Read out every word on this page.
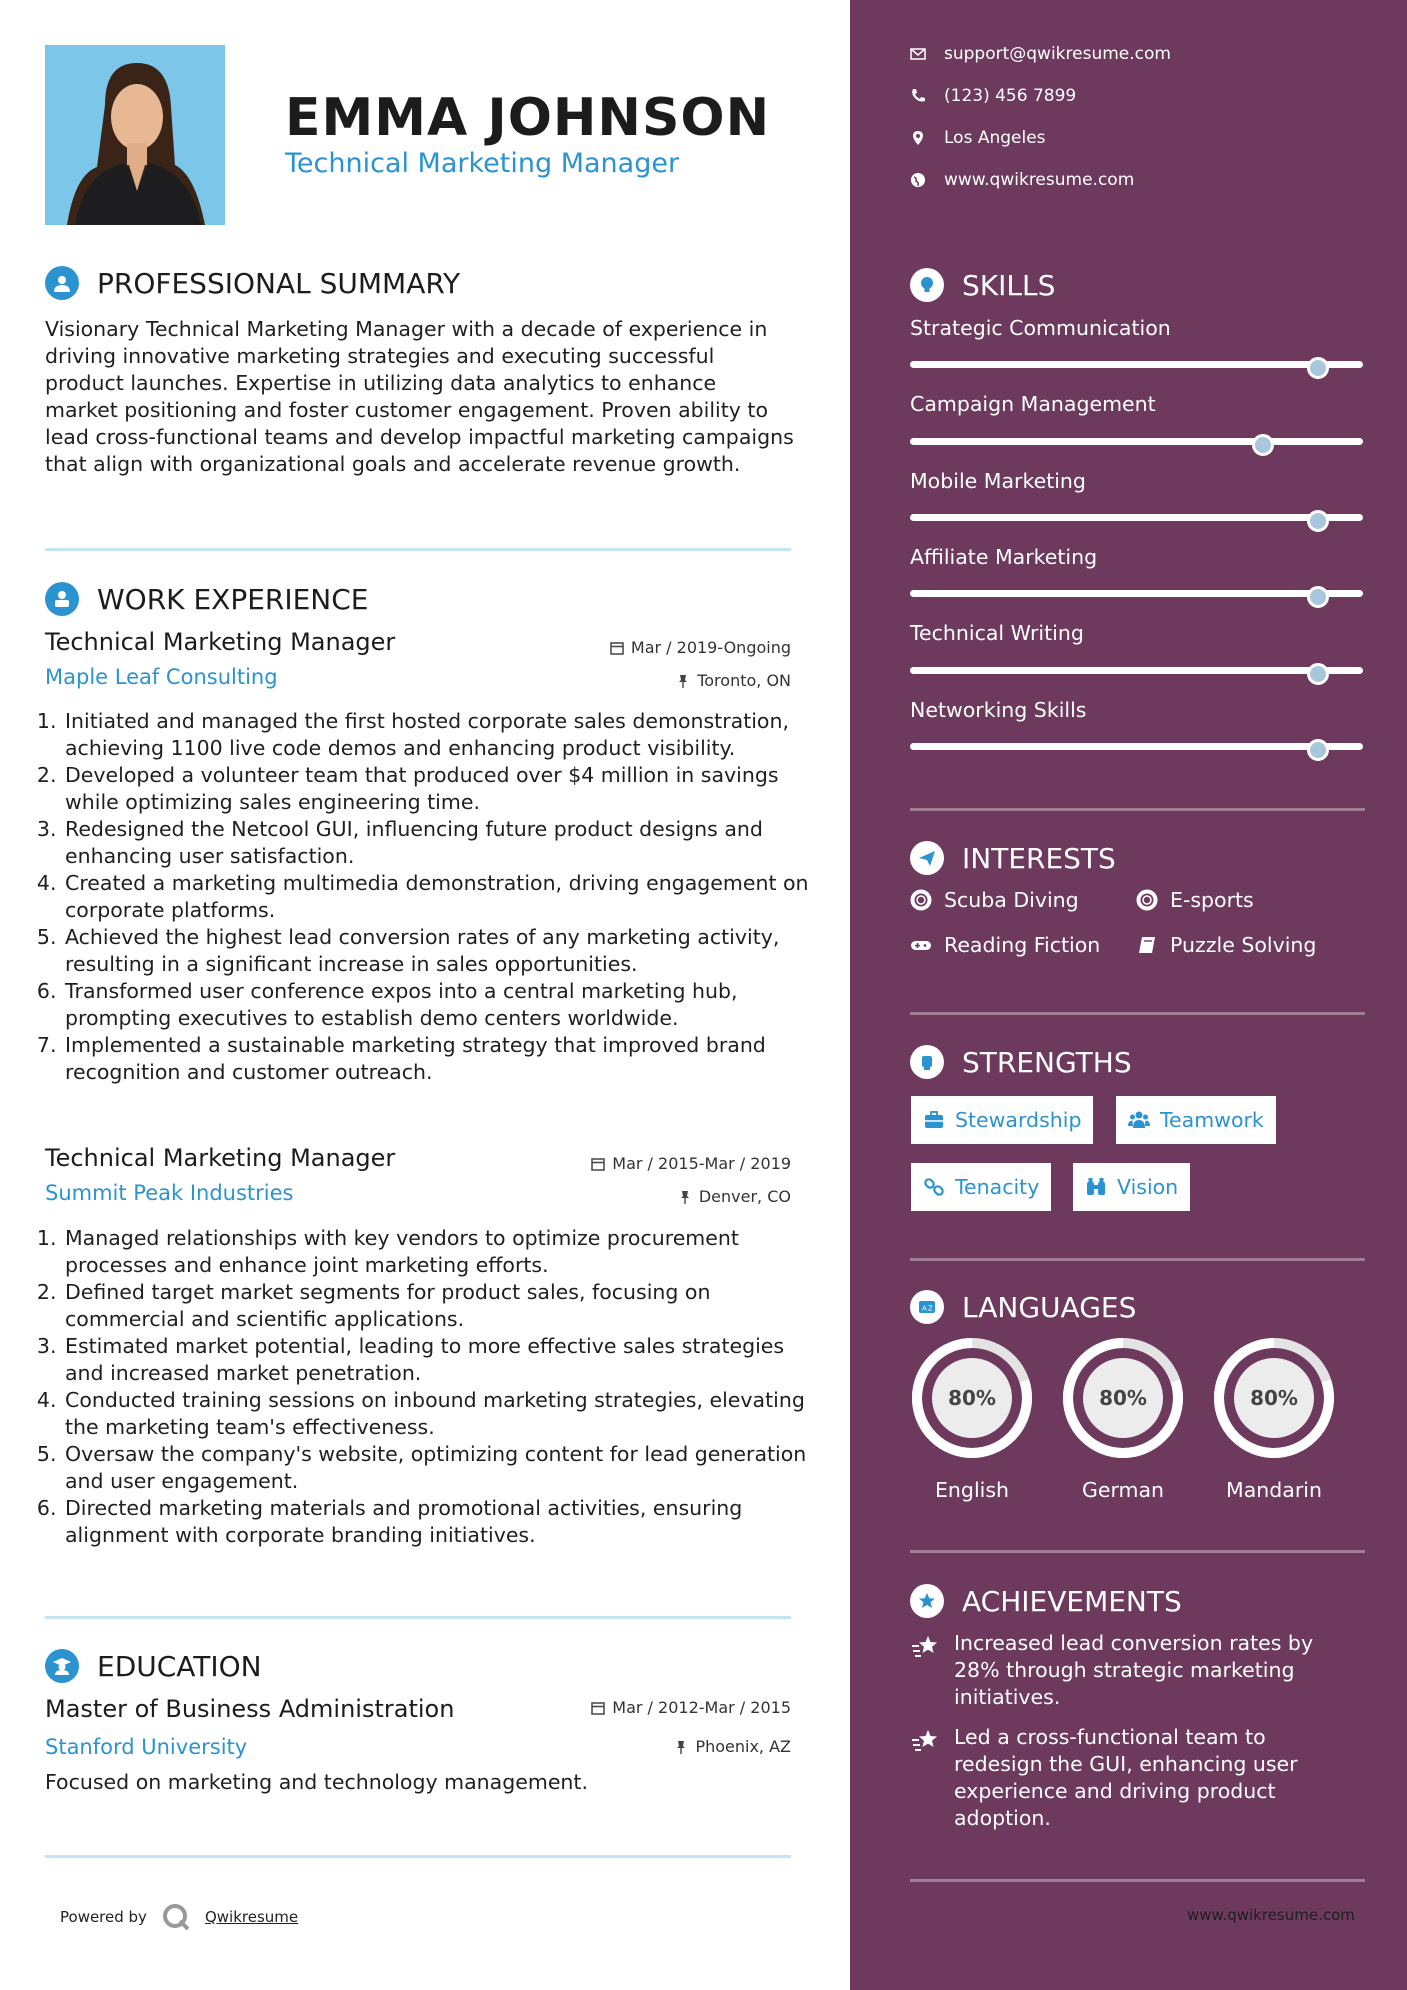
EMMA JOHNSON
Technical Marketing Manager
PROFESSIONAL SUMMARY
Visionary Technical Marketing Manager with a decade of experience in driving innovative marketing strategies and executing successful product launches. Expertise in utilizing data analytics to enhance market positioning and foster customer engagement. Proven ability to lead cross-functional teams and develop impactful marketing campaigns that align with organizational goals and accelerate revenue growth.
WORK EXPERIENCE
Technical Marketing Manager	Mar / 2019-Ongoing
Maple Leaf Consulting	Toronto, ON
1. Initiated and managed the first hosted corporate sales demonstration, achieving 1100 live code demos and enhancing product visibility.
2. Developed a volunteer team that produced over $4 million in savings while optimizing sales engineering time.
3. Redesigned the Netcool GUI, influencing future product designs and enhancing user satisfaction.
4. Created a marketing multimedia demonstration, driving engagement on corporate platforms.
5. Achieved the highest lead conversion rates of any marketing activity, resulting in a significant increase in sales opportunities.
6. Transformed user conference expos into a central marketing hub, prompting executives to establish demo centers worldwide.
7. Implemented a sustainable marketing strategy that improved brand recognition and customer outreach.
Technical Marketing Manager	Mar / 2015-Mar / 2019
Summit Peak Industries	Denver, CO
1. Managed relationships with key vendors to optimize procurement processes and enhance joint marketing efforts.
2. Defined target market segments for product sales, focusing on commercial and scientific applications.
3. Estimated market potential, leading to more effective sales strategies and increased market penetration.
4. Conducted training sessions on inbound marketing strategies, elevating the marketing team's effectiveness.
5. Oversaw the company's website, optimizing content for lead generation and user engagement.
6. Directed marketing materials and promotional activities, ensuring alignment with corporate branding initiatives.
EDUCATION
Master of Business Administration	Mar / 2012-Mar / 2015
Stanford University	Phoenix, AZ
Focused on marketing and technology management.
Powered by	Qwikresume
support@qwikresume.com
(123) 456 7899
Los Angeles
www.qwikresume.com
SKILLS
Strategic Communication
Campaign Management
Mobile Marketing
Affiliate Marketing
Technical Writing
Networking Skills
INTERESTS
Scuba Diving	E-sports
Reading Fiction	Puzzle Solving
STRENGTHS
Stewardship	Teamwork
Tenacity	Vision
A Z LANGUAGES
80%
English
80%
German
80%
Mandarin
ACHIEVEMENTS
Increased lead conversion rates by 28% through strategic marketing initiatives.
Led a cross-functional team to redesign the GUI, enhancing user experience and driving product adoption.
www.qwikresume.com
